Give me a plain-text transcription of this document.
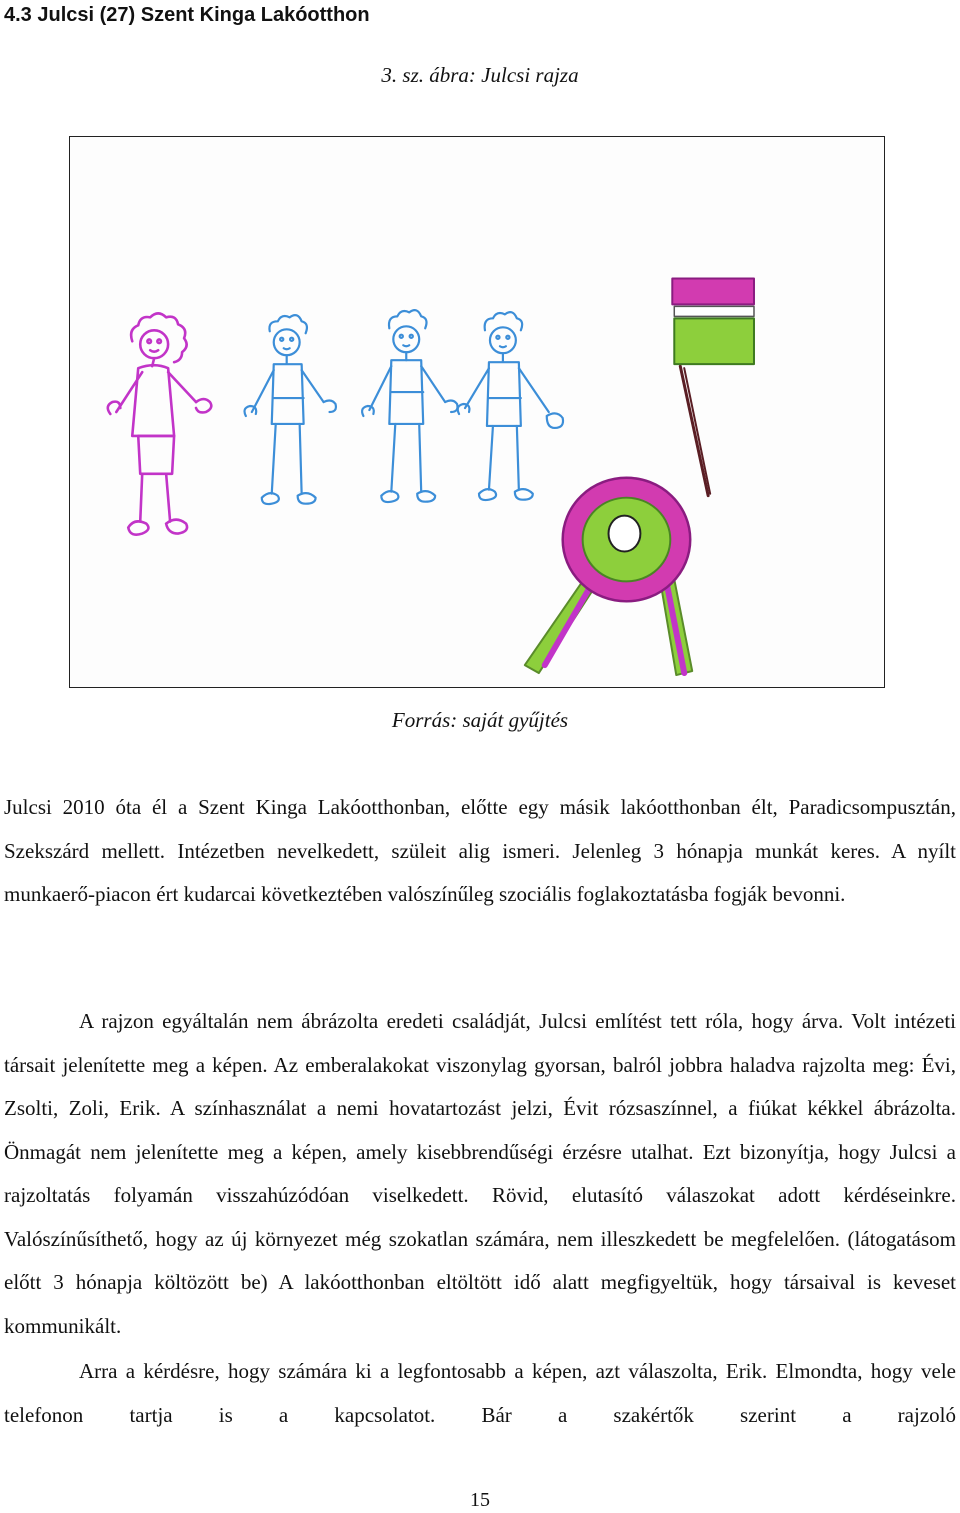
4.3 Julcsi (27) Szent Kinga Lakóotthon
3. sz. ábra: Julcsi rajza
Forrás: saját gyűjtés

Julcsi 2010 óta él a Szent Kinga Lakóotthonban, előtte egy másik lakóotthonban élt, Paradicsompusztán, Szekszárd mellett. Intézetben nevelkedett, szüleit alig ismeri. Jelenleg 3 hónapja munkát keres. A nyílt munkaerő-piacon ért kudarcai következtében valószínűleg szociális foglakoztatásba fogják bevonni.

A rajzon egyáltalán nem ábrázolta eredeti családját, Julcsi említést tett róla, hogy árva. Volt intézeti társait jelenítette meg a képen. Az emberalakokat viszonylag gyorsan, balról jobbra haladva rajzolta meg: Évi, Zsolti, Zoli, Erik. A színhasználat a nemi hovatartozást jelzi, Évit rózsaszínnel, a fiúkat kékkel ábrázolta. Önmagát nem jelenítette meg a képen, amely kisebbrendűségi érzésre utalhat. Ezt bizonyítja, hogy Julcsi a rajzoltatás folyamán visszahúzódóan viselkedett. Rövid, elutasító válaszokat adott kérdéseinkre. Valószínűsíthető, hogy az új környezet még szokatlan számára, nem illeszkedett be megfelelően. (látogatásom előtt 3 hónapja költözött be) A lakóotthonban eltöltött idő alatt megfigyeltük, hogy társaival is keveset kommunikált.

Arra a kérdésre, hogy számára ki a legfontosabb a képen, azt válaszolta, Erik. Elmondta, hogy vele telefonon tartja is a kapcsolatot. Bár a szakértők szerint a rajzoló

15
